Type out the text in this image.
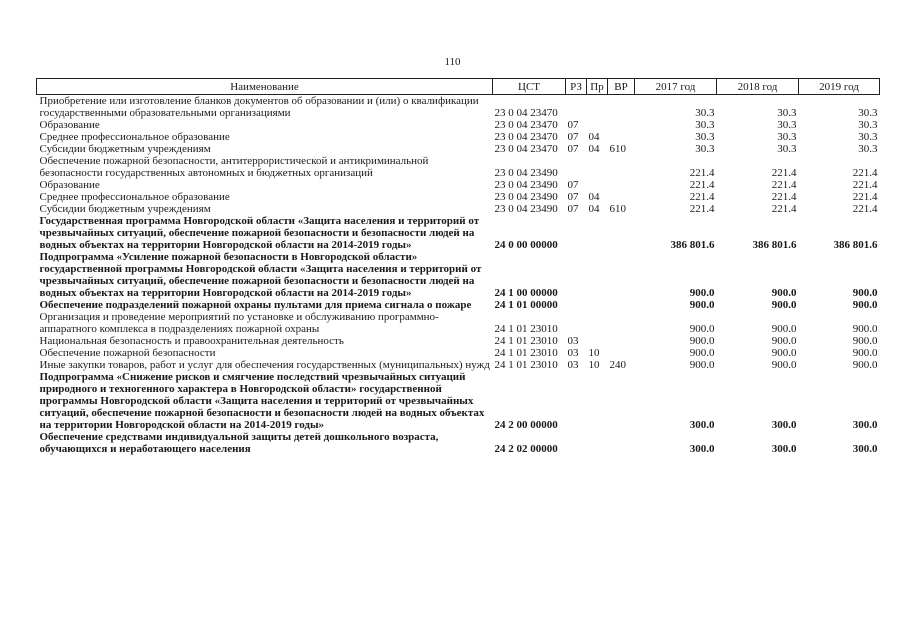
110
Наименование	ЦСТ	РЗ	Пр	ВР	2017 год	2018 год	2019 год
Приобретение или изготовление бланков документов об образовании и (или) о квалификации государственными образовательными организациями	23 0 04 23470				30.3	30.3	30.3
Образование	23 0 04 23470	07			30.3	30.3	30.3
Среднее профессиональное образование	23 0 04 23470	07	04		30.3	30.3	30.3
Субсидии бюджетным учреждениям	23 0 04 23470	07	04	610	30.3	30.3	30.3
Обеспечение пожарной безопасности, антитеррористической и антикриминальной безопасности государственных автономных и бюджетных организаций	23 0 04 23490				221.4	221.4	221.4
Образование	23 0 04 23490	07			221.4	221.4	221.4
Среднее профессиональное образование	23 0 04 23490	07	04		221.4	221.4	221.4
Субсидии бюджетным учреждениям	23 0 04 23490	07	04	610	221.4	221.4	221.4
Государственная программа Новгородской области «Защита населения и территорий от чрезвычайных ситуаций, обеспечение пожарной безопасности и безопасности людей на водных объектах на территории Новгородской области на 2014-2019 годы»	24 0 00 00000				386 801.6	386 801.6	386 801.6
Подпрограмма «Усиление пожарной безопасности в Новгородской области» государственной программы Новгородской области «Защита населения и территорий от чрезвычайных ситуаций, обеспечение пожарной безопасности и безопасности людей на водных объектах на территории Новгородской области на 2014-2019 годы»	24 1 00 00000				900.0	900.0	900.0
Обеспечение подразделений пожарной охраны пультами для приема сигнала о пожаре	24 1 01 00000				900.0	900.0	900.0
Организация и проведение мероприятий по установке и обслуживанию программно-аппаратного комплекса в подразделениях пожарной охраны	24 1 01 23010				900.0	900.0	900.0
Национальная безопасность и правоохранительная деятельность	24 1 01 23010	03			900.0	900.0	900.0
Обеспечение пожарной безопасности	24 1 01 23010	03	10		900.0	900.0	900.0
Иные закупки товаров, работ и услуг для обеспечения государственных (муниципальных) нужд	24 1 01 23010	03	10	240	900.0	900.0	900.0
Подпрограмма «Снижение рисков и смягчение последствий чрезвычайных ситуаций природного и техногенного характера в Новгородской области» государственной программы Новгородской области «Защита населения и территорий от чрезвычайных ситуаций, обеспечение пожарной безопасности и безопасности людей на водных объектах на территории Новгородской области на 2014-2019 годы»	24 2 00 00000				300.0	300.0	300.0
Обеспечение средствами индивидуальной защиты детей дошкольного возраста, обучающихся и неработающего населения	24 2 02 00000				300.0	300.0	300.0
